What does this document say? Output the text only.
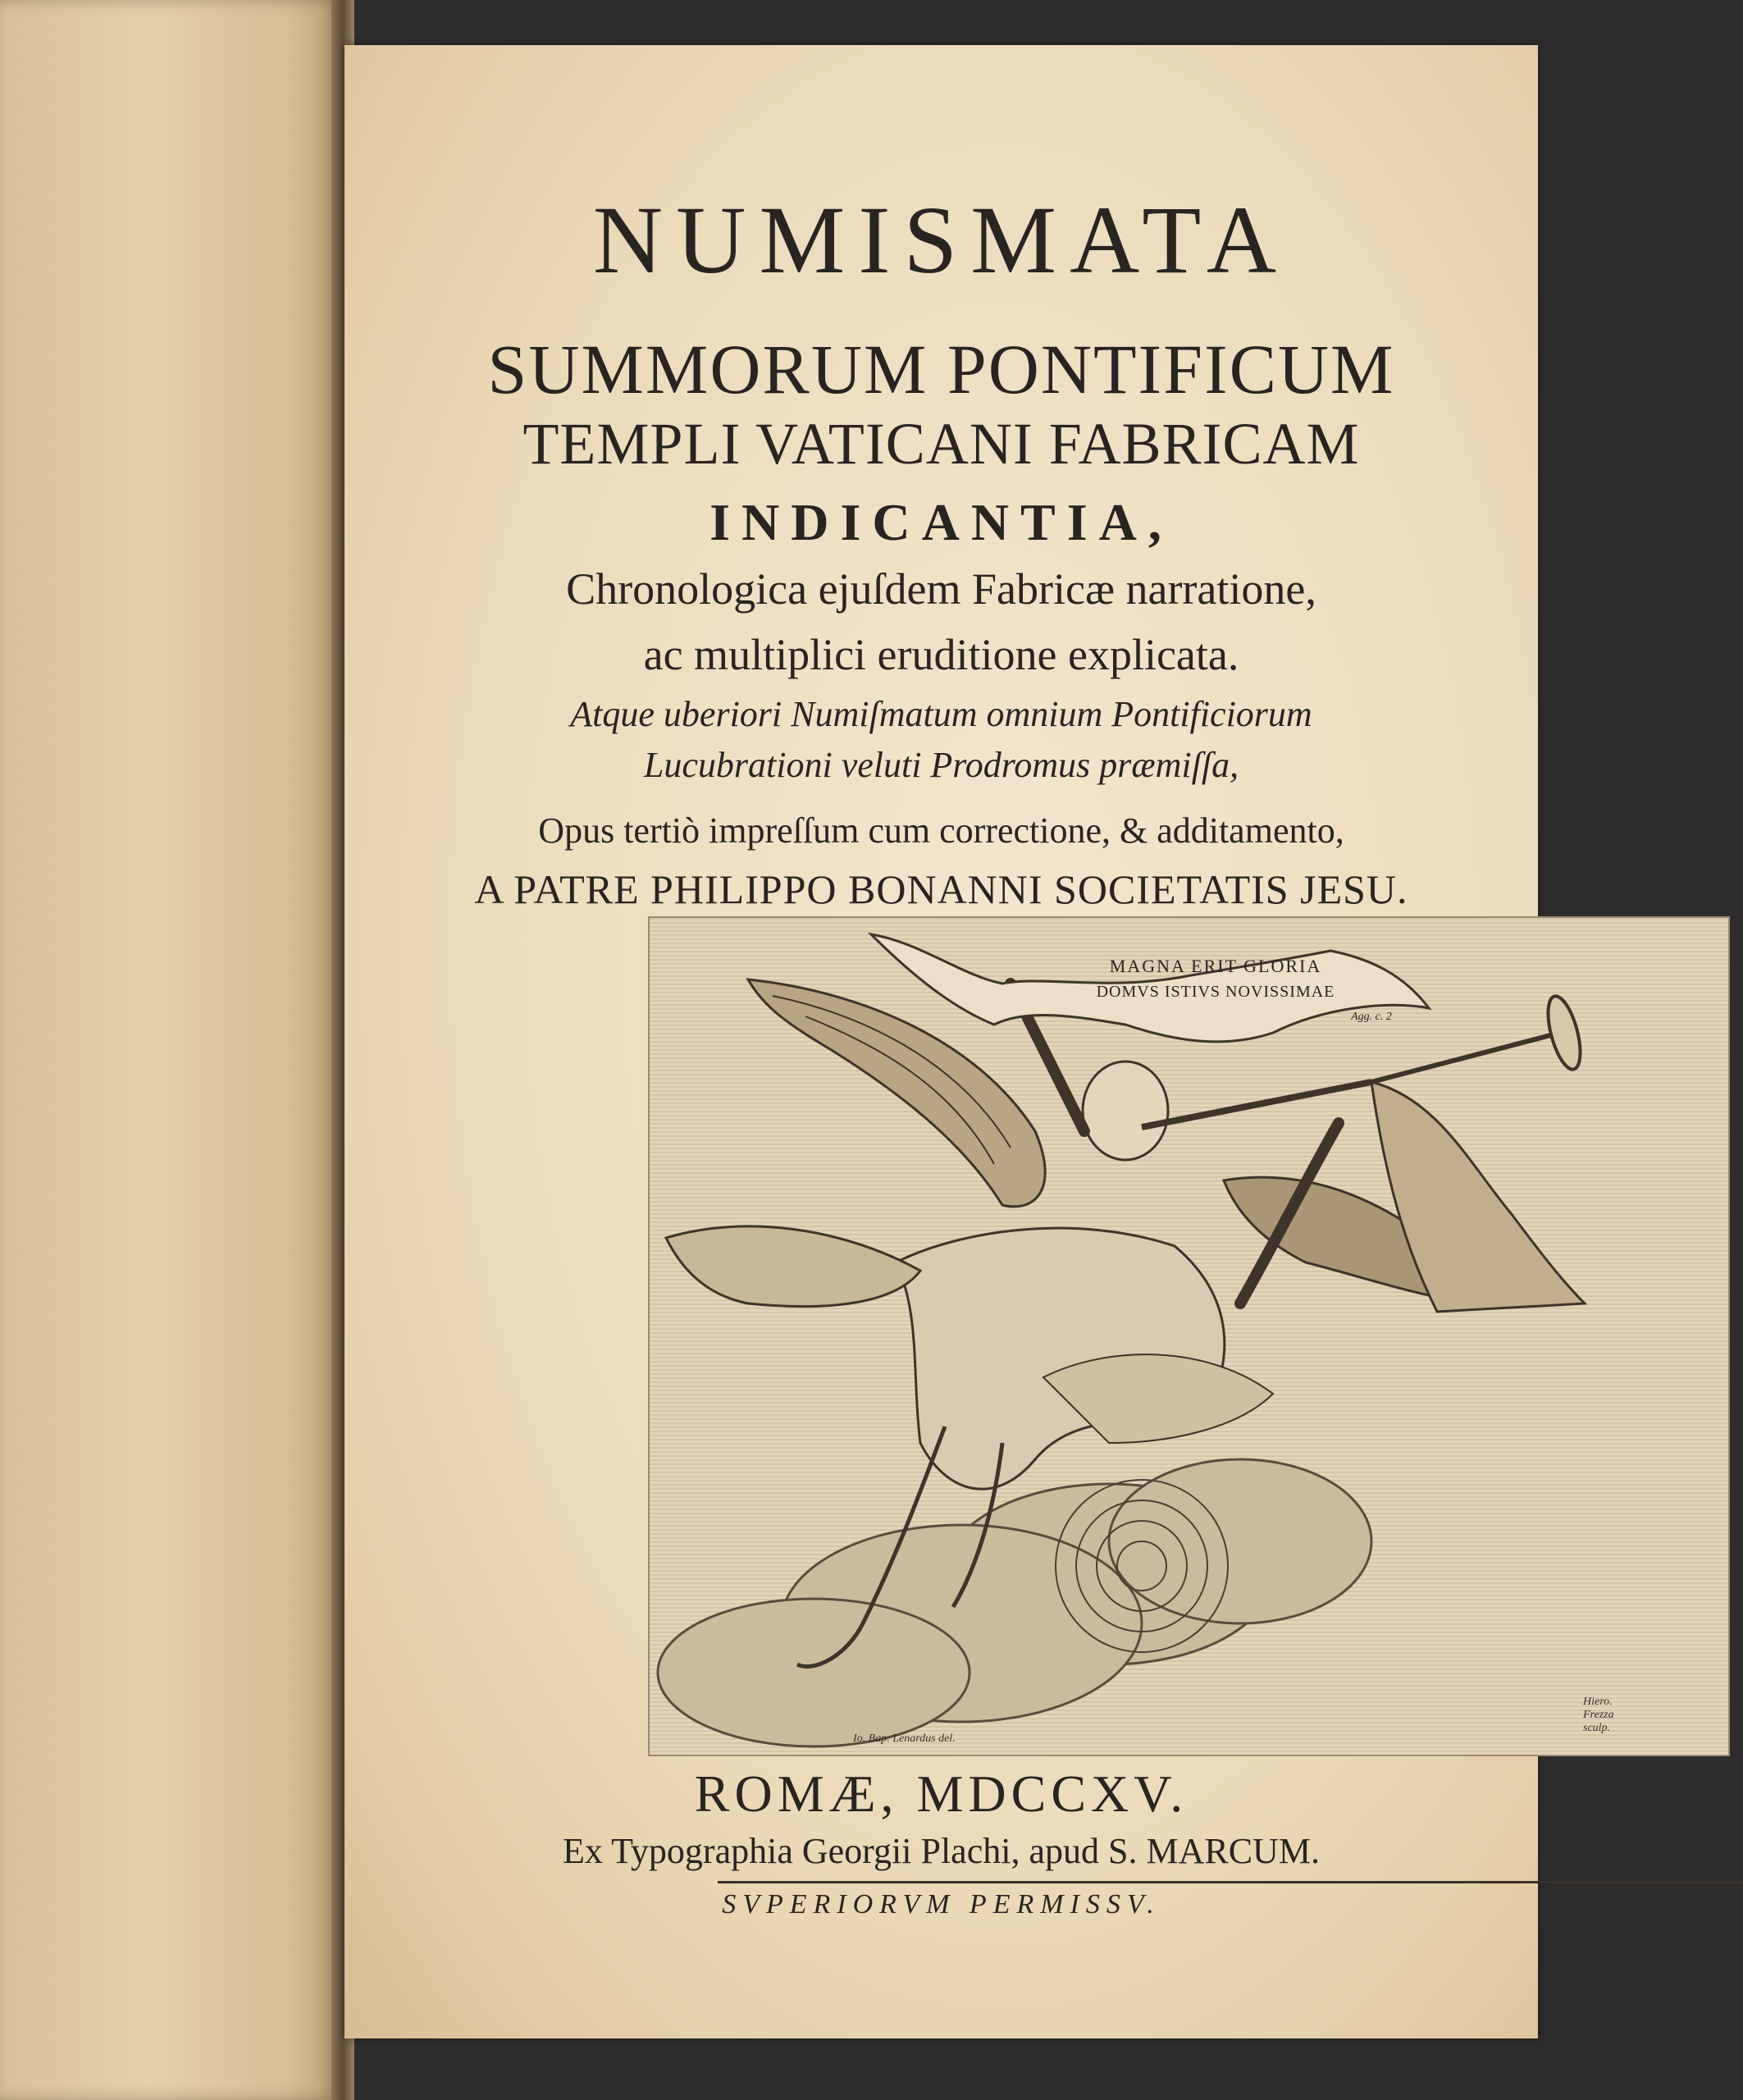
NUMISMATA

SUMMORUM PONTIFICUM

TEMPLI VATICANI FABRICAM

INDICANTIA,

Chronologica ejuſdem Fabricæ narratione,

ac multiplici eruditione explicata.

Atque uberiori Numiſmatum omnium Pontificiorum

Lucubrationi veluti Prodromus præmiſſa,

Opus tertiò impreſſum cum correctione, & additamento,

A PATRE PHILIPPO BONANNI SOCIETATIS JESU.

MAGNA ERIT GLORIA
DOMVS ISTIVS NOVISSIMAE
Agg. c. 2
Io. Bap. Lenardus del.
Hiero. Frezza sculp.

ROMÆ, MDCCXV.

Ex Typographia Georgii Plachi, apud S. MARCUM.

SVPERIORVM PERMISSV.
